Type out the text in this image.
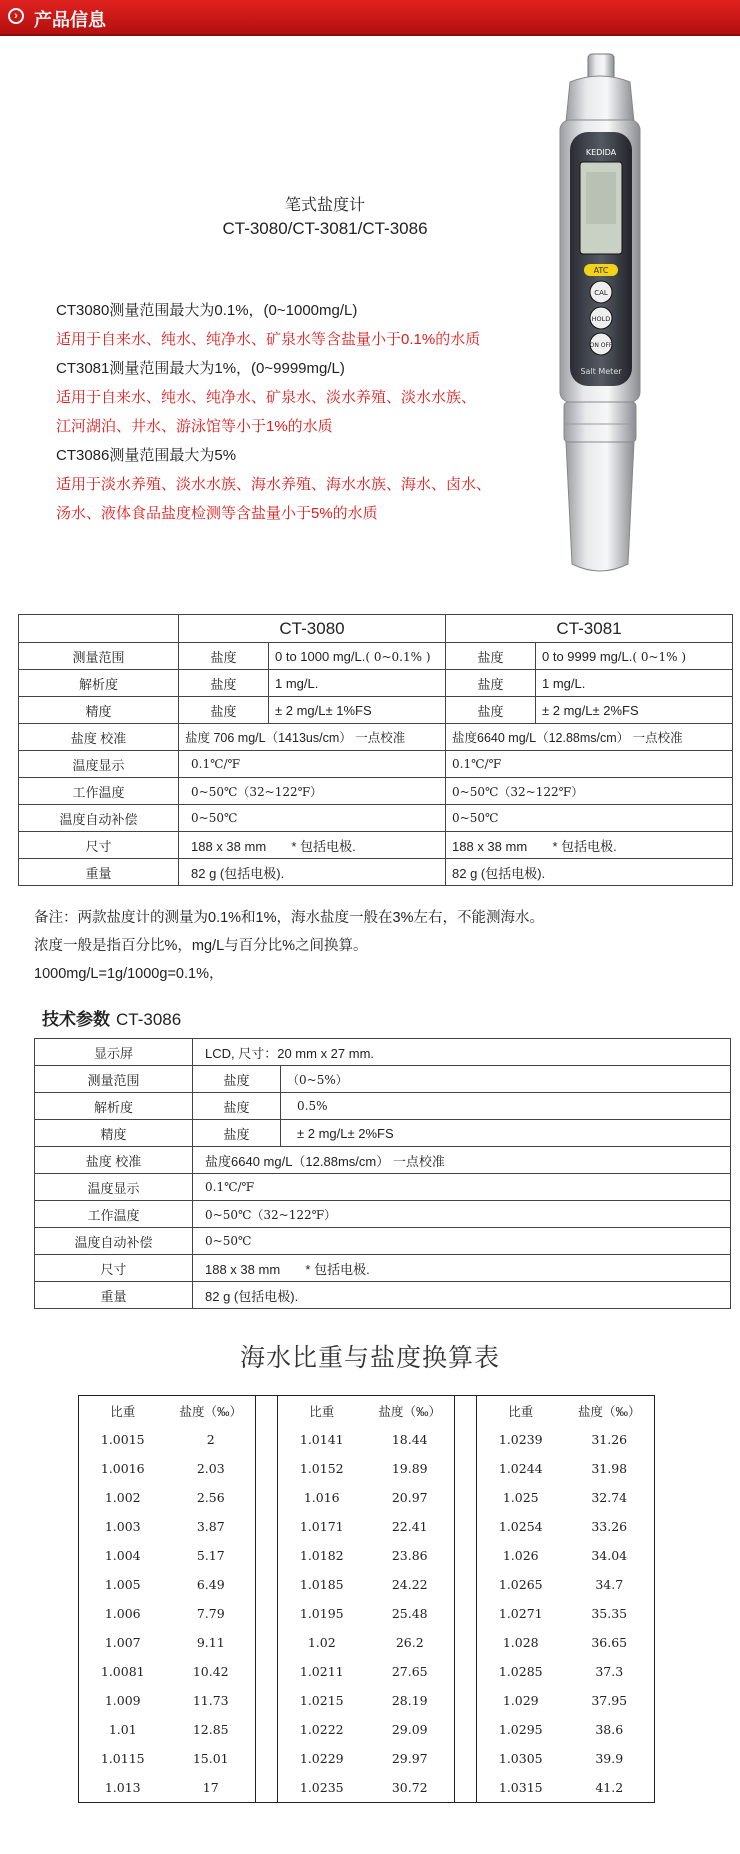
› 产品信息
笔式盐度计
CT-3080/CT-3081/CT-3086
CT3080测量范围最大为0.1%，(0~1000mg/L)
适用于自来水、纯水、纯净水、矿泉水等含盐量小于0.1%的水质
CT3081测量范围最大为1%，(0~9999mg/L)
适用于自来水、纯水、纯净水、矿泉水、淡水养殖、淡水水族、
江河湖泊、井水、游泳馆等小于1%的水质
CT3086测量范围最大为5%
适用于淡水养殖、淡水水族、海水养殖、海水水族、海水、卤水、
汤水、液体食品盐度检测等含盐量小于5%的水质
KEDIDA
ATC
CAL
HOLD
ON OFF
Salt Meter
	CT-3080		CT-3081	
测量范围	盐度	0 to 1000 mg/L.( 0~0.1% )	盐度	0 to 9999 mg/L.( 0~1% )
解析度	盐度	1 mg/L.	盐度	1 mg/L.
精度	盐度	± 2 mg/L± 1%FS	盐度	± 2 mg/L± 2%FS
盐度 校准	盐度 706 mg/L（1413us/cm） 一点校准		盐度6640 mg/L（12.88ms/cm） 一点校准	
温度显示	0.1℃/℉		0.1℃/℉	
工作温度	0~50℃（32~122℉）		0~50℃（32~122℉）	
温度自动补偿	0~50℃		0~50℃	
尺寸	188 x 38 mm       * 包括电极.		188 x 38 mm       * 包括电极.	
重量	82 g (包括电极).		82 g (包括电极).	
备注：两款盐度计的测量为0.1%和1%，海水盐度一般在3%左右，不能测海水。
浓度一般是指百分比%，mg/L与百分比%之间换算。
1000mg/L=1g/1000g=0.1%，
技术参数 CT-3086
显示屏	LCD, 尺寸：20 mm x 27 mm.	
测量范围	盐度	（0~5%）
解析度	盐度	0.5%
精度	盐度	± 2 mg/L± 2%FS
盐度 校准	盐度6640 mg/L（12.88ms/cm） 一点校准	
温度显示	0.1℃/℉	
工作温度	0~50℃（32~122℉）	
温度自动补偿	0~50℃	
尺寸	188 x 38 mm       * 包括电极.	
重量	82 g (包括电极).	
海水比重与盐度换算表
比重	盐度（‰）		比重	盐度（‰）		比重	盐度（‰）
1.0015	2		1.0141	18.44		1.0239	31.26
1.0016	2.03		1.0152	19.89		1.0244	31.98
1.002	2.56		1.016	20.97		1.025	32.74
1.003	3.87		1.0171	22.41		1.0254	33.26
1.004	5.17		1.0182	23.86		1.026	34.04
1.005	6.49		1.0185	24.22		1.0265	34.7
1.006	7.79		1.0195	25.48		1.0271	35.35
1.007	9.11		1.02	26.2		1.028	36.65
1.0081	10.42		1.0211	27.65		1.0285	37.3
1.009	11.73		1.0215	28.19		1.029	37.95
1.01	12.85		1.0222	29.09		1.0295	38.6
1.0115	15.01		1.0229	29.97		1.0305	39.9
1.013	17		1.0235	30.72		1.0315	41.2
